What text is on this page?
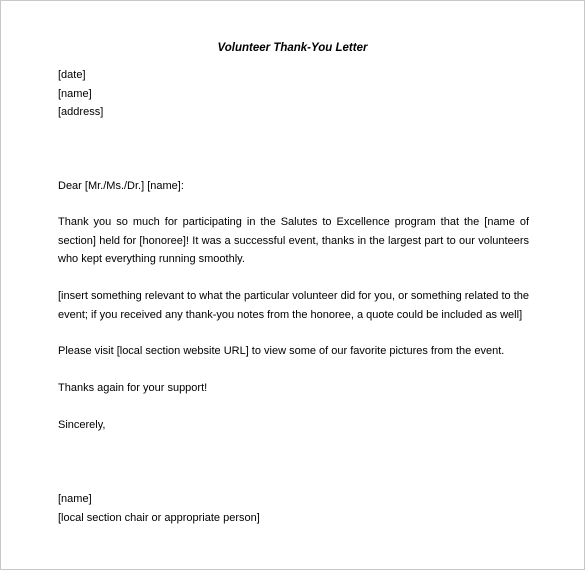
Volunteer Thank-You Letter
[date]
[name]
[address]
Dear [Mr./Ms./Dr.] [name]:
Thank you so much for participating in the Salutes to Excellence program that the [name of section] held for [honoree]! It was a successful event, thanks in the largest part to our volunteers who kept everything running smoothly.
[insert something relevant to what the particular volunteer did for you, or something related to the event; if you received any thank-you notes from the honoree, a quote could be included as well]
Please visit [local section website URL] to view some of our favorite pictures from the event.
Thanks again for your support!
Sincerely,
[name]
[local section chair or appropriate person]
